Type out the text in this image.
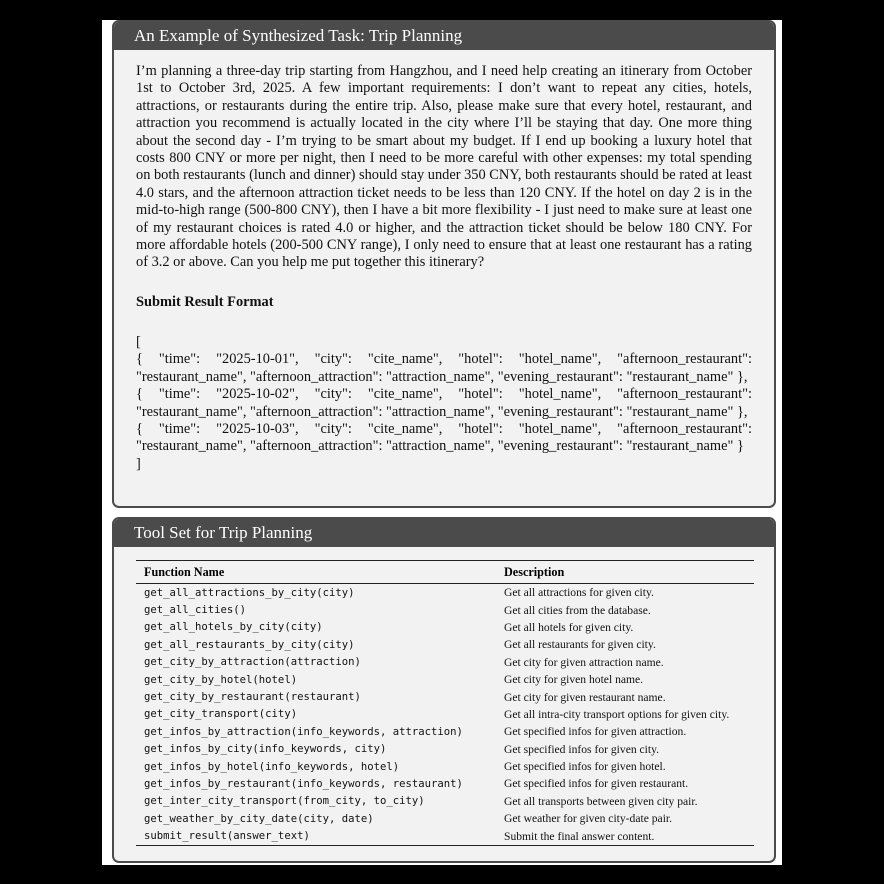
An Example of Synthesized Task: Trip Planning
I’m planning a three-day trip starting from Hangzhou, and I need help creating an itinerary from October 1st to October 3rd, 2025. A few important requirements: I don’t want to repeat any cities, hotels, attractions, or restaurants during the entire trip. Also, please make sure that every hotel, restaurant, and attraction you recommend is actually located in the city where I’ll be staying that day. One more thing about the second day - I’m trying to be smart about my budget. If I end up booking a luxury hotel that costs 800 CNY or more per night, then I need to be more careful with other expenses: my total spending on both restaurants (lunch and dinner) should stay under 350 CNY, both restaurants should be rated at least 4.0 stars, and the afternoon attraction ticket needs to be less than 120 CNY. If the hotel on day 2 is in the mid-to-high range (500-800 CNY), then I have a bit more flexibility - I just need to make sure at least one of my restaurant choices is rated 4.0 or higher, and the attraction ticket should be below 180 CNY. For more affordable hotels (200-500 CNY range), I only need to ensure that at least one restaurant has a rating of 3.2 or above. Can you help me put together this itinerary?
Submit Result Format
[
{ "time": "2025-10-01", "city": "cite_name", "hotel": "hotel_name", "afternoon_restaurant": "restaurant_name", "afternoon_attraction": "attraction_name", "evening_restaurant": "restaurant_name" },
{ "time": "2025-10-02", "city": "cite_name", "hotel": "hotel_name", "afternoon_restaurant": "restaurant_name", "afternoon_attraction": "attraction_name", "evening_restaurant": "restaurant_name" },
{ "time": "2025-10-03", "city": "cite_name", "hotel": "hotel_name", "afternoon_restaurant": "restaurant_name", "afternoon_attraction": "attraction_name", "evening_restaurant": "restaurant_name" }
]
Tool Set for Trip Planning
Function Name	Description
get_all_attractions_by_city(city)	Get all attractions for given city.
get_all_cities()	Get all cities from the database.
get_all_hotels_by_city(city)	Get all hotels for given city.
get_all_restaurants_by_city(city)	Get all restaurants for given city.
get_city_by_attraction(attraction)	Get city for given attraction name.
get_city_by_hotel(hotel)	Get city for given hotel name.
get_city_by_restaurant(restaurant)	Get city for given restaurant name.
get_city_transport(city)	Get all intra-city transport options for given city.
get_infos_by_attraction(info_keywords, attraction)	Get specified infos for given attraction.
get_infos_by_city(info_keywords, city)	Get specified infos for given city.
get_infos_by_hotel(info_keywords, hotel)	Get specified infos for given hotel.
get_infos_by_restaurant(info_keywords, restaurant)	Get specified infos for given restaurant.
get_inter_city_transport(from_city, to_city)	Get all transports between given city pair.
get_weather_by_city_date(city, date)	Get weather for given city-date pair.
submit_result(answer_text)	Submit the final answer content.
